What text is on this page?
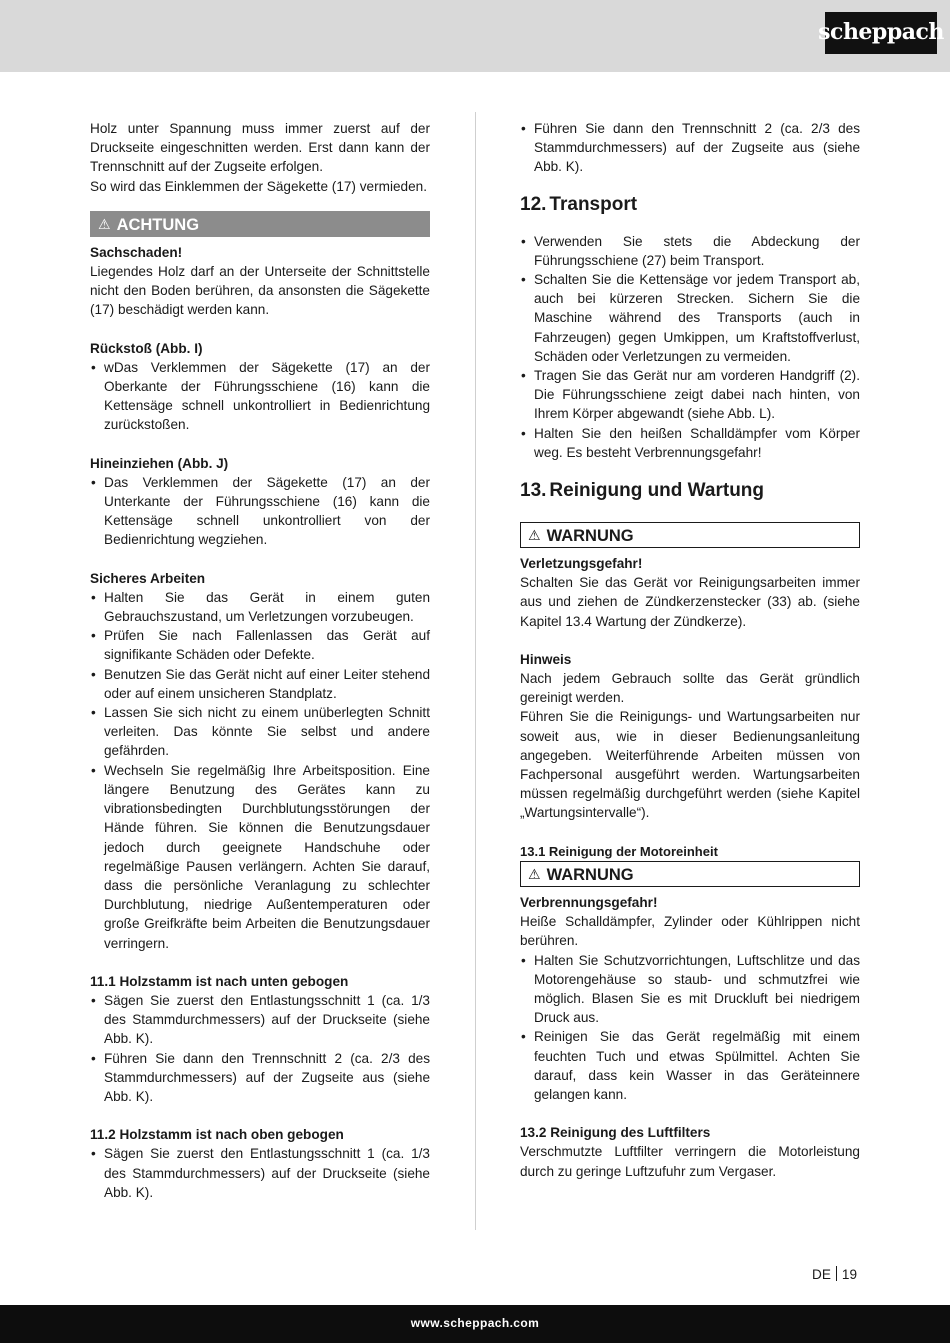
scheppach

Holz unter Spannung muss immer zuerst auf der Druckseite eingeschnitten werden. Erst dann kann der Trennschnitt auf der Zugseite erfolgen.

So wird das Einklemmen der Sägekette (17) vermieden.

⚠ ACHTUNG

Sachschaden!

Liegendes Holz darf an der Unterseite der Schnittstelle nicht den Boden berühren, da ansonsten die Sägekette (17) beschädigt werden kann.

Rückstoß (Abb. I)

• wDas Verklemmen der Sägekette (17) an der Oberkante der Führungsschiene (16) kann die Kettensäge schnell unkontrolliert in Bedienrichtung zurückstoßen.

Hineinziehen (Abb. J)

• Das Verklemmen der Sägekette (17) an der Unterkante der Führungsschiene (16) kann die Kettensäge schnell unkontrolliert von der Bedienrichtung wegziehen.

Sicheres Arbeiten

• Halten Sie das Gerät in einem guten Gebrauchszustand, um Verletzungen vorzubeugen.
• Prüfen Sie nach Fallenlassen das Gerät auf signifikante Schäden oder Defekte.
• Benutzen Sie das Gerät nicht auf einer Leiter stehend oder auf einem unsicheren Standplatz.
• Lassen Sie sich nicht zu einem unüberlegten Schnitt verleiten. Das könnte Sie selbst und andere gefährden.
• Wechseln Sie regelmäßig Ihre Arbeitsposition. Eine längere Benutzung des Gerätes kann zu vibrationsbedingten Durchblutungsstörungen der Hände führen. Sie können die Benutzungsdauer jedoch durch geeignete Handschuhe oder regelmäßige Pausen verlängern. Achten Sie darauf, dass die persönliche Veranlagung zu schlechter Durchblutung, niedrige Außentemperaturen oder große Greifkräfte beim Arbeiten die Benutzungsdauer verringern.

11.1 Holzstamm ist nach unten gebogen

• Sägen Sie zuerst den Entlastungsschnitt 1 (ca. 1/3 des Stammdurchmessers) auf der Druckseite (siehe Abb. K).
• Führen Sie dann den Trennschnitt 2 (ca. 2/3 des Stammdurchmessers) auf der Zugseite aus (siehe Abb. K).

11.2 Holzstamm ist nach oben gebogen

• Sägen Sie zuerst den Entlastungsschnitt 1 (ca. 1/3 des Stammdurchmessers) auf der Druckseite (siehe Abb. K).
• Führen Sie dann den Trennschnitt 2 (ca. 2/3 des Stammdurchmessers) auf der Zugseite aus (siehe Abb. K).
12. Transport
• Verwenden Sie stets die Abdeckung der Führungsschiene (27) beim Transport.
• Schalten Sie die Kettensäge vor jedem Transport ab, auch bei kürzeren Strecken. Sichern Sie die Maschine während des Transports (auch in Fahrzeugen) gegen Umkippen, um Kraftstoffverlust, Schäden oder Verletzungen zu vermeiden.
• Tragen Sie das Gerät nur am vorderen Handgriff (2). Die Führungsschiene zeigt dabei nach hinten, von Ihrem Körper abgewandt (siehe Abb. L).
• Halten Sie den heißen Schalldämpfer vom Körper weg. Es besteht Verbrennungsgefahr!
13. Reinigung und Wartung
⚠ WARNUNG

Verletzungsgefahr!

Schalten Sie das Gerät vor Reinigungsarbeiten immer aus und ziehen de Zündkerzenstecker (33) ab. (siehe Kapitel 13.4 Wartung der Zündkerze).

Hinweis

Nach jedem Gebrauch sollte das Gerät gründlich gereinigt werden.

Führen Sie die Reinigungs- und Wartungsarbeiten nur soweit aus, wie in dieser Bedienungsanleitung angegeben. Weiterführende Arbeiten müssen von Fachpersonal ausgeführt werden. Wartungsarbeiten müssen regelmäßig durchgeführt werden (siehe Kapitel „Wartungsintervalle“).

13.1 Reinigung der Motoreinheit

⚠ WARNUNG

Verbrennungsgefahr!

Heiße Schalldämpfer, Zylinder oder Kühlrippen nicht berühren.

• Halten Sie Schutzvorrichtungen, Luftschlitze und das Motorengehäuse so staub- und schmutzfrei wie möglich. Blasen Sie es mit Druckluft bei niedrigem Druck aus.
• Reinigen Sie das Gerät regelmäßig mit einem feuchten Tuch und etwas Spülmittel. Achten Sie darauf, dass kein Wasser in das Geräteinnere gelangen kann.

13.2 Reinigung des Luftfilters

Verschmutzte Luftfilter verringern die Motorleistung durch zu geringe Luftzufuhr zum Vergaser.

DE 19
www.scheppach.com
